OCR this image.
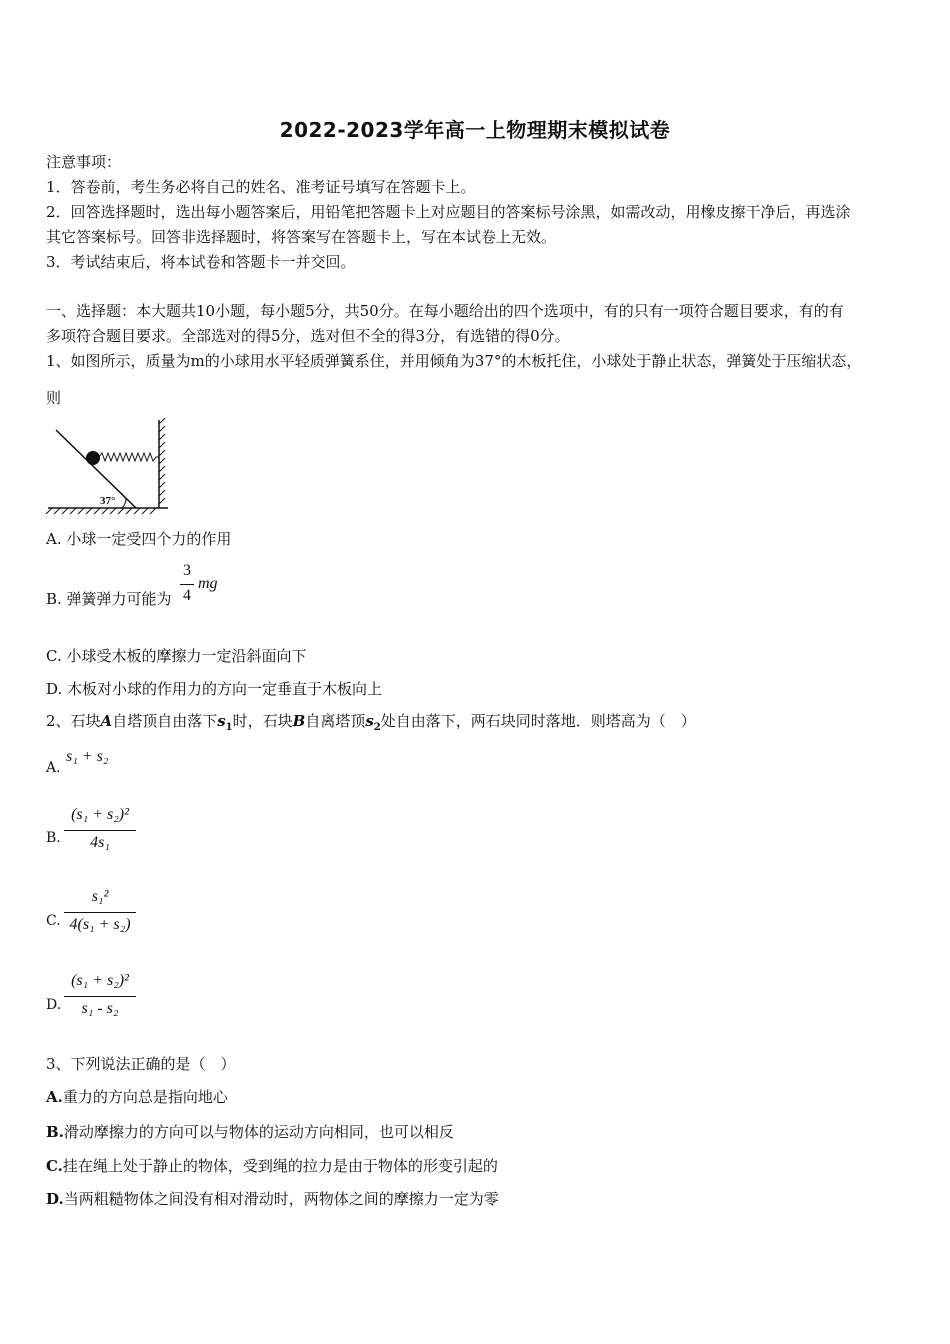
2022-2023学年高一上物理期末模拟试卷
注意事项：
1．答卷前，考生务必将自己的姓名、准考证号填写在答题卡上。
2．回答选择题时，选出每小题答案后，用铅笔把答题卡上对应题目的答案标号涂黑，如需改动，用橡皮擦干净后，再选涂
其它答案标号。回答非选择题时，将答案写在答题卡上，写在本试卷上无效。
3．考试结束后，将本试卷和答题卡一并交回。
一、选择题：本大题共10小题，每小题5分，共50分。在每小题给出的四个选项中，有的只有一项符合题目要求，有的有
多项符合题目要求。全部选对的得5分，选对但不全的得3分，有选错的得0分。
1、如图所示，质量为m的小球用水平轻质弹簧系住，并用倾角为37°的木板托住，小球处于静止状态，弹簧处于压缩状态，
则
37°
A. 小球一定受四个力的作用
B. 弹簧弹力可能为
3
4
mg
C. 小球受木板的摩擦力一定沿斜面向下
D. 木板对小球的作用力的方向一定垂直于木板向上
2、石块A自塔顶自由落下$s_1$时，石块B自离塔顶$s_2$处自由落下，两石块同时落地．则塔高为（　）
A.
s₁ + s₂
B.
(s₁ + s₂)²
4s₁
C.
s₁²
4(s₁ + s₂)
D.
(s₁ + s₂)²
s₁ - s₂
3、下列说法正确的是（　）
A.重力的方向总是指向地心
B.滑动摩擦力的方向可以与物体的运动方向相同，也可以相反
C.挂在绳上处于静止的物体，受到绳的拉力是由于物体的形变引起的
D.当两粗糙物体之间没有相对滑动时，两物体之间的摩擦力一定为零
